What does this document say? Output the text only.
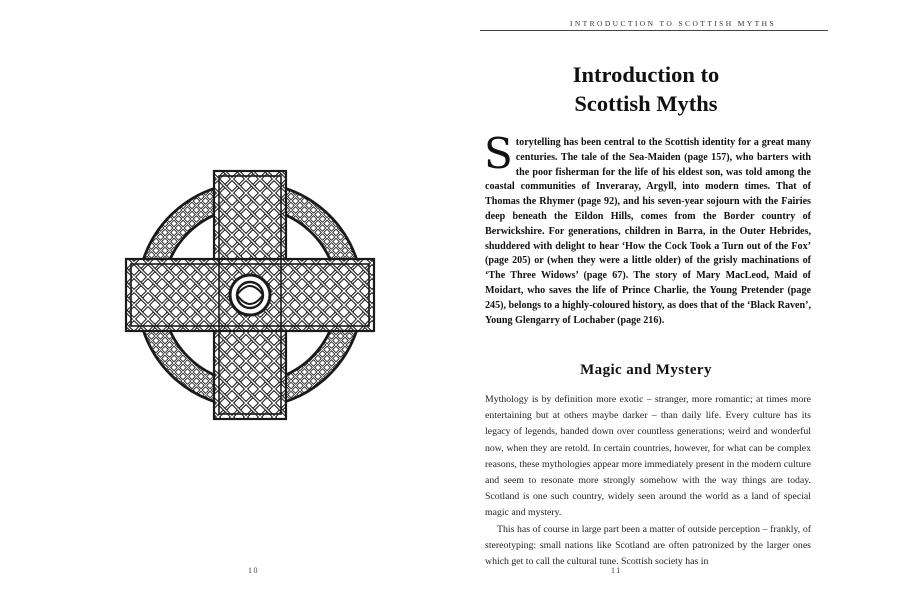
10
INTRODUCTION TO SCOTTISH MYTHS
Introduction to
Scottish Myths
Storytelling has been central to the Scottish identity for a great many centuries. The tale of the Sea-Maiden (page 157), who barters with the poor fisherman for the life of his eldest son, was told among the coastal communities of Inveraray, Argyll, into modern times. That of Thomas the Rhymer (page 92), and his seven-year sojourn with the Fairies deep beneath the Eildon Hills, comes from the Border country of Berwickshire. For generations, children in Barra, in the Outer Hebrides, shuddered with delight to hear ‘How the Cock Took a Turn out of the Fox’ (page 205) or (when they were a little older) of the grisly machinations of ‘The Three Widows’ (page 67). The story of Mary MacLeod, Maid of Moidart, who saves the life of Prince Charlie, the Young Pretender (page 245), belongs to a highly-coloured history, as does that of the ‘Black Raven’, Young Glengarry of Lochaber (page 216).
Magic and Mystery

Mythology is by definition more exotic – stranger, more romantic; at times more entertaining but at others maybe darker – than daily life. Every culture has its legacy of legends, handed down over countless generations; weird and wonderful now, when they are retold. In certain countries, however, for what can be complex reasons, these mythologies appear more immediately present in the modern culture and seem to resonate more strongly somehow with the way things are today. Scotland is one such country, widely seen around the world as a land of special magic and mystery.

This has of course in large part been a matter of outside perception – frankly, of stereotyping: small nations like Scotland are often patronized by the larger ones which get to call the cultural tune. Scottish society has in

11
